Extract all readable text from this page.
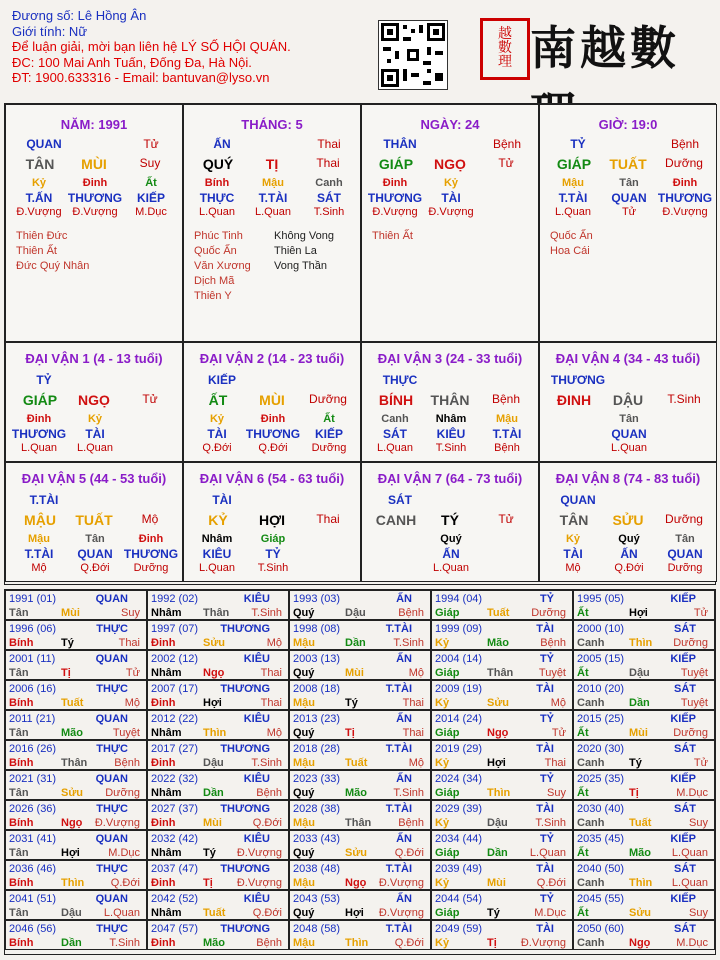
Đương số: Lê Hồng Ân
Giới tính: Nữ
Để luận giải, mời bạn liên hệ LÝ SỐ HỘI QUÁN.
ĐC: 100 Mai Anh Tuấn, Đống Đa, Hà Nội.
ĐT: 1900.633316 - Email: bantuvan@lyso.vn
越
數
理 南越數
NĂM: 1991
QUAN	Tử
TÂN	MÙI	Suy
Kỷ	Đinh	Ất
T.ẤN	THƯƠNG	KIẾP
Đ.Vượng Đ.Vượng	M.Dục
Thiên Đức
Thiên Ất
Đức Quý Nhân
THÁNG: 5
ẤN	Thai
QUÝ	TỊ	Thai
Bính	Mậu	Canh
THỰC	T.TÀI	SÁT
L.Quan	L.Quan	T.Sinh
Phúc Tinh
Quốc Ấn
Văn Xương
Dịch Mã
Thiên Y
Không Vong
Thiên La
Vong Thần
NGÀY: 24
THÂN	Bệnh
GIÁP	NGỌ	Tử
Đinh	Kỷ
THƯƠNG	TÀI
Đ.Vượng Đ.Vượng
Thiên Ất
GIỜ: 19:0
TỶ	Bệnh
GIÁP	TUẤT	Dưỡng
Mậu	Tân	Đinh
T.TÀI	QUAN THƯƠNG
L.Quan	Tử	Đ.Vượng
Quốc Ấn
Hoa Cái
ĐẠI VẬN 1 (4 - 13 tuổi)
TỶ
GIÁP	NGỌ	Tử
Đinh	Kỷ
THƯƠNG	TÀI
L.Quan	L.Quan
ĐẠI VẬN 2 (14 - 23 tuổi)
KIẾP
ẤT	MÙI	Dưỡng
Kỷ	Đinh	Ất
TÀI	THƯƠNG	KIẾP
Q.Đới	Q.Đới	Dưỡng
ĐẠI VẬN 3 (24 - 33 tuổi)
THỰC
BÍNH	THÂN	Bệnh
Canh	Nhâm	Mậu
SÁT	KIÊU	T.TÀI
L.Quan	T.Sinh	Bệnh
ĐẠI VẬN 4 (34 - 43 tuổi)
THƯƠNG
ĐINH	DẬU	T.Sinh
Tân
QUAN
L.Quan
ĐẠI VẬN 5 (44 - 53 tuổi)
T.TÀI
MẬU	TUẤT	Mộ
Mậu	Tân	Đinh
T.TÀI	QUAN THƯƠNG
Mộ	Q.Đới	Dưỡng
ĐẠI VẬN 6 (54 - 63 tuổi)
TÀI
KỶ	HỢI	Thai
Nhâm	Giáp
KIÊU	TỶ
L.Quan	T.Sinh
ĐẠI VẬN 7 (64 - 73 tuổi)
SÁT
CANH	TÝ	Tử
Quý
ẤN
L.Quan
ĐẠI VẬN 8 (74 - 83 tuổi)
QUAN
TÂN	SỬU	Dưỡng
Kỷ	Quý	Tân
TÀI	ẤN	QUAN
Mộ	Q.Đới	Dưỡng
1991 (01)	QUAN
Tân	Mùi	Suy
1992 (02)	KIÊU
Nhâm Thân T.Sinh
1993 (03)	ẤN
Quý	Dậu	Bệnh
1994 (04)	TỶ
Giáp	Tuất Dưỡng
1995 (05)	KIẾP
Ất	Hợi	Tử
1996 (06)	THỰC
Bính	Tý	Thai
1997 (07) THƯƠNG
Đinh	Sửu	Mộ
1998 (08)	T.TÀI
Mậu	Dần	T.Sinh
1999 (09)	TÀI
Kỷ	Mão	Bệnh
2000 (10)	SÁT
Canh Thìn Dưỡng
2001 (11)	QUAN
Tân	Tị	Tử
2002 (12)	KIÊU
Nhâm Ngọ	Thai
2003 (13)	ẤN
Quý	Mùi	Mộ
2004 (14)	TỶ
Giáp	Thân Tuyệt
2005 (15)	KIẾP
Ất	Dậu	Tuyệt
2006 (16)	THỰC
Bính	Tuất	Mộ
2007 (17) THƯƠNG
Đinh	Hợi	Thai
2008 (18)	T.TÀI
Mậu	Tý	Thai
2009 (19)	TÀI
Kỷ	Sửu	Mộ
2010 (20)	SÁT
Canh Dần	Tuyệt
2011 (21)	QUAN
Tân	Mão	Tuyệt
2012 (22)	KIÊU
Nhâm Thìn	Mộ
2013 (23)	ẤN
Quý	Tị	Thai
2014 (24)	TỶ
Giáp	Ngọ	Tử
2015 (25)	KIẾP
Ất	Mùi Dưỡng
2016 (26)	THỰC
Bính	Thân Bệnh
2017 (27) THƯƠNG
Đinh	Dậu	T.Sinh
2018 (28)	T.TÀI
Mậu	Tuất	Mộ
2019 (29)	TÀI
Kỷ	Hợi	Thai
2020 (30)	SÁT
Canh Tý	Tử
2021 (31)	QUAN
Tân	Sửu Dưỡng
2022 (32)	KIÊU
Nhâm Dần	Bệnh
2023 (33)	ẤN
Quý	Mão T.Sinh
2024 (34)	TỶ
Giáp	Thìn	Suy
2025 (35)	KIẾP
Ất	Tị	M.Dục
2026 (36)	THỰC
Bính	Ngọ Đ.Vượng
2027 (37) THƯƠNG
Đinh	Mùi	Q.Đới
2028 (38)	T.TÀI
Mậu	Thân Bệnh
2029 (39)	TÀI
Kỷ	Dậu	T.Sinh
2030 (40)	SÁT
Canh Tuất	Suy
2031 (41)	QUAN
Tân	Hợi	M.Dục
2032 (42)	KIÊU
Nhâm Tý Đ.Vượng
2033 (43)	ẤN
Quý	Sửu	Q.Đới
2034 (44)	TỶ
Giáp	Dần L.Quan
2035 (45)	KIẾP
Ất	Mão L.Quan
2036 (46)	THỰC
Bính	Thìn Q.Đới
2037 (47) THƯƠNG
Đinh	Tị Đ.Vượng
2038 (48)	T.TÀI
Mậu	Ngọ Đ.Vượng
2039 (49)	TÀI
Kỷ	Mùi	Q.Đới
2040 (50)	SÁT
Canh Thìn L.Quan
2041 (51)	QUAN
Tân	Dậu L.Quan
2042 (52)	KIÊU
Nhâm Tuất Q.Đới
2043 (53)	ẤN
Quý	Hợi Đ.Vượng
2044 (54)	TỶ
Giáp	Tý	M.Dục
2045 (55)	KIẾP
Ất	Sửu	Suy
2046 (56)	THỰC
Bính	Dần	T.Sinh
2047 (57) THƯƠNG
Đinh	Mão	Bệnh
2048 (58)	T.TÀI
Mậu	Thìn Q.Đới
2049 (59)	TÀI
Kỷ	Tị Đ.Vượng
2050 (60)	SÁT
Canh Ngọ M.Dục
